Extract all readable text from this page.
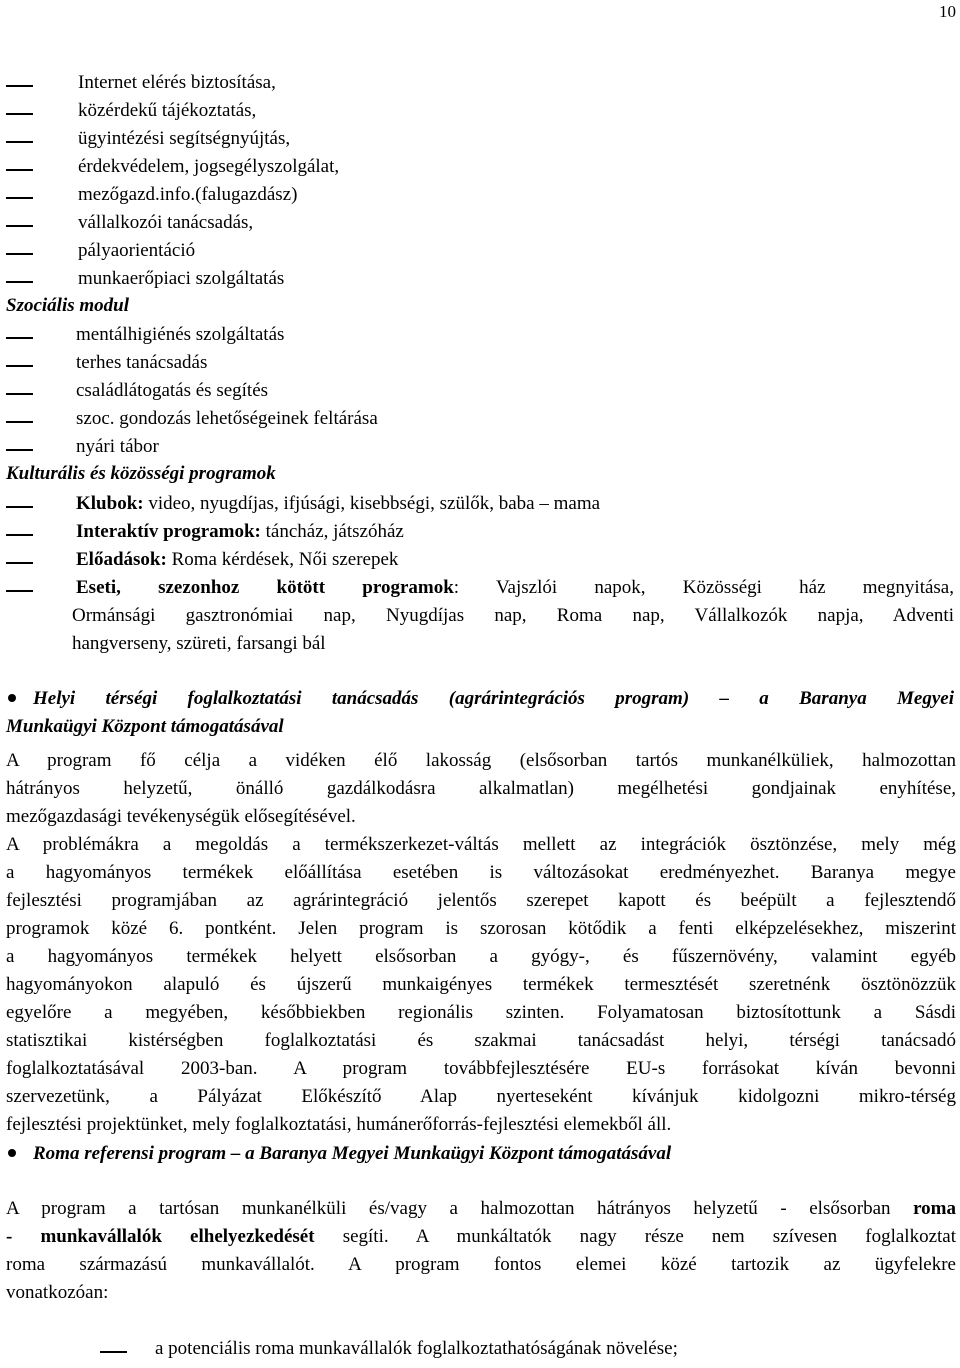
10
Internet elérés biztosítása,
közérdekű tájékoztatás,
ügyintézési segítségnyújtás,
érdekvédelem, jogsegélyszolgálat,
mezőgazd.info.(falugazdász)
vállalkozói tanácsadás,
pályaorientáció
munkaerőpiaci szolgáltatás
Szociális modul
mentálhigiénés szolgáltatás
terhes tanácsadás
családlátogatás és segítés
szoc. gondozás lehetőségeinek feltárása
nyári tábor
Kulturális és közösségi programok
Klubok: video, nyugdíjas, ifjúsági, kisebbségi, szülők, baba – mama
Interaktív programok: táncház, játszóház
Előadások: Roma kérdések, Női szerepek
Eseti, szezonhoz kötött programok: Vajszlói napok, Közösségi ház megnyitása,
Ormánsági gasztronómiai nap, Nyugdíjas nap, Roma nap, Vállalkozók napja, Adventi
hangverseny, szüreti, farsangi bál
Helyi térségi foglalkoztatási tanácsadás (agrárintegrációs program) – a Baranya Megyei
Munkaügyi Központ támogatásával
A program fő célja a vidéken élő lakosság (elsősorban tartós munkanélküliek, halmozottan
hátrányos helyzetű, önálló gazdálkodásra alkalmatlan) megélhetési gondjainak enyhítése,
mezőgazdasági tevékenységük elősegítésével.
A problémákra a megoldás a termékszerkezet-váltás mellett az integrációk ösztönzése, mely még
a hagyományos termékek előállítása esetében is változásokat eredményezhet. Baranya megye
fejlesztési programjában az agrárintegráció jelentős szerepet kapott és beépült a fejlesztendő
programok közé 6. pontként. Jelen program is szorosan kötődik a fenti elképzelésekhez, miszerint
a hagyományos termékek helyett elsősorban a gyógy-, és fűszernövény, valamint egyéb
hagyományokon alapuló és újszerű munkaigényes termékek termesztését szeretnénk ösztönözzük
egyelőre a megyében, későbbiekben regionális szinten. Folyamatosan biztosítottunk a Sásdi
statisztikai kistérségben foglalkoztatási és szakmai tanácsadást helyi, térségi tanácsadó
foglalkoztatásával 2003-ban. A program továbbfejlesztésére EU-s forrásokat kíván bevonni
szervezetünk, a Pályázat Előkészítő Alap nyerteseként kívánjuk kidolgozni mikro-térség
fejlesztési projektünket, mely foglalkoztatási, humánerőforrás-fejlesztési elemekből áll.
Roma referensi program – a Baranya Megyei Munkaügyi Központ támogatásával
A program a tartósan munkanélküli és/vagy a halmozottan hátrányos helyzetű - elsősorban roma
- munkavállalók elhelyezkedését segíti. A munkáltatók nagy része nem szívesen foglalkoztat
roma származású munkavállalót. A program fontos elemei közé tartozik az ügyfelekre
vonatkozóan:
a potenciális roma munkavállalók foglalkoztathatóságának növelése;
